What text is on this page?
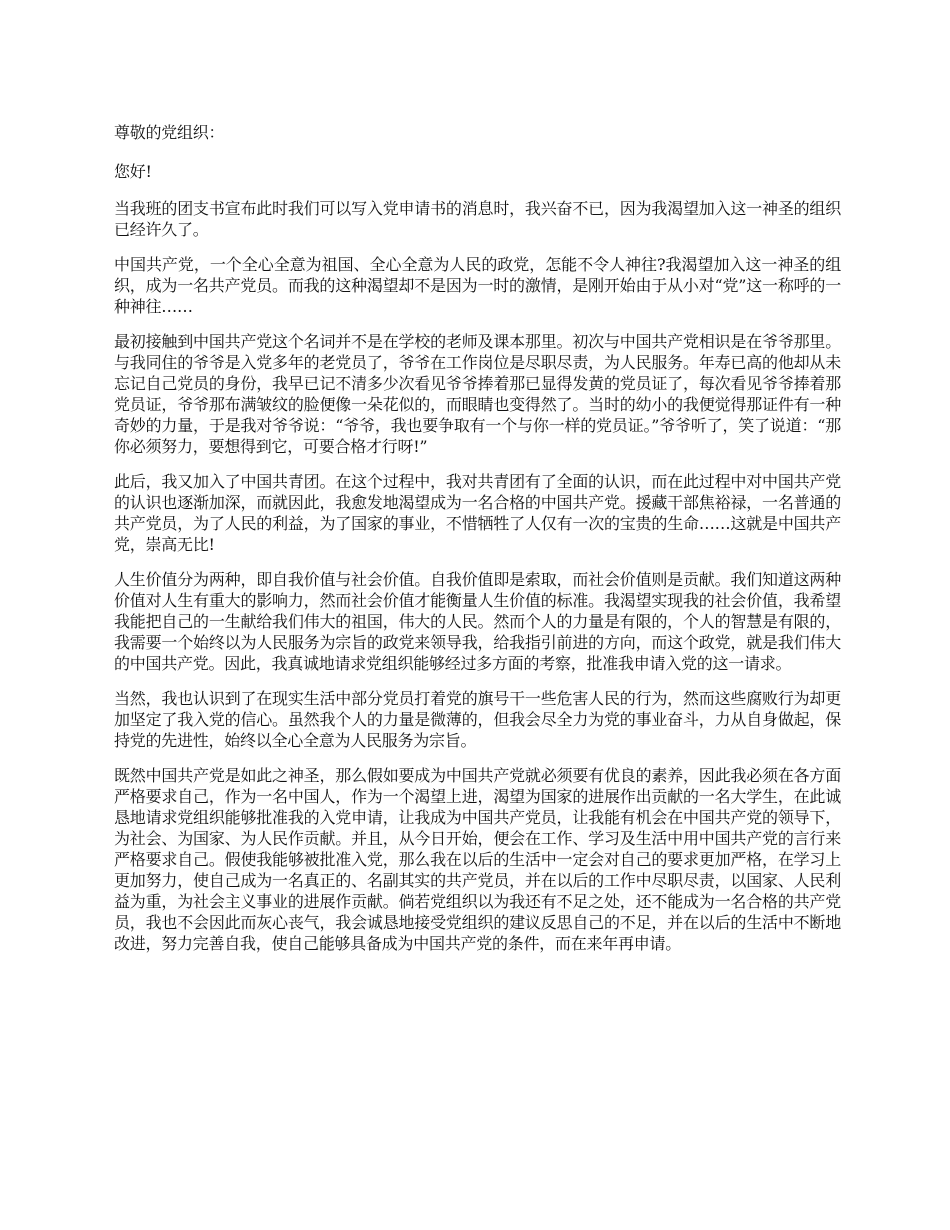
尊敬的党组织：

您好!

当我班的团支书宣布此时我们可以写入党申请书的消息时，我兴奋不已，因为我渴望加入这一神圣的组织已经许久了。

中国共产党，一个全心全意为祖国、全心全意为人民的政党，怎能不令人神往?我渴望加入这一神圣的组织，成为一名共产党员。而我的这种渴望却不是因为一时的激情，是刚开始由于从小对“党”这一称呼的一种神往……

最初接触到中国共产党这个名词并不是在学校的老师及课本那里。初次与中国共产党相识是在爷爷那里。与我同住的爷爷是入党多年的老党员了，爷爷在工作岗位是尽职尽责，为人民服务。年寿已高的他却从未忘记自己党员的身份，我早已记不清多少次看见爷爷捧着那已显得发黄的党员证了，每次看见爷爷捧着那党员证，爷爷那布满皱纹的脸便像一朵花似的，而眼睛也变得然了。当时的幼小的我便觉得那证件有一种奇妙的力量，于是我对爷爷说：“爷爷，我也要争取有一个与你一样的党员证。”爷爷听了，笑了说道：“那你必须努力，要想得到它，可要合格才行呀!”

此后，我又加入了中国共青团。在这个过程中，我对共青团有了全面的认识，而在此过程中对中国共产党的认识也逐渐加深，而就因此，我愈发地渴望成为一名合格的中国共产党。援藏干部焦裕禄，一名普通的共产党员，为了人民的利益，为了国家的事业，不惜牺牲了人仅有一次的宝贵的生命……这就是中国共产党，崇高无比!

人生价值分为两种，即自我价值与社会价值。自我价值即是索取，而社会价值则是贡献。我们知道这两种价值对人生有重大的影响力，然而社会价值才能衡量人生价值的标准。我渴望实现我的社会价值，我希望我能把自己的一生献给我们伟大的祖国，伟大的人民。然而个人的力量是有限的，个人的智慧是有限的，我需要一个始终以为人民服务为宗旨的政党来领导我，给我指引前进的方向，而这个政党，就是我们伟大的中国共产党。因此，我真诚地请求党组织能够经过多方面的考察，批准我申请入党的这一请求。

当然，我也认识到了在现实生活中部分党员打着党的旗号干一些危害人民的行为，然而这些腐败行为却更加坚定了我入党的信心。虽然我个人的力量是微薄的，但我会尽全力为党的事业奋斗，力从自身做起，保持党的先进性，始终以全心全意为人民服务为宗旨。

既然中国共产党是如此之神圣，那么假如要成为中国共产党就必须要有优良的素养，因此我必须在各方面严格要求自己，作为一名中国人，作为一个渴望上进，渴望为国家的进展作出贡献的一名大学生，在此诚恳地请求党组织能够批准我的入党申请，让我成为中国共产党员，让我能有机会在中国共产党的领导下，为社会、为国家、为人民作贡献。并且，从今日开始，便会在工作、学习及生活中用中国共产党的言行来严格要求自己。假使我能够被批准入党，那么我在以后的生活中一定会对自己的要求更加严格，在学习上更加努力，使自己成为一名真正的、名副其实的共产党员，并在以后的工作中尽职尽责，以国家、人民利益为重，为社会主义事业的进展作贡献。倘若党组织以为我还有不足之处，还不能成为一名合格的共产党员，我也不会因此而灰心丧气，我会诚恳地接受党组织的建议反思自己的不足，并在以后的生活中不断地改进，努力完善自我，使自己能够具备成为中国共产党的条件，而在来年再申请。
